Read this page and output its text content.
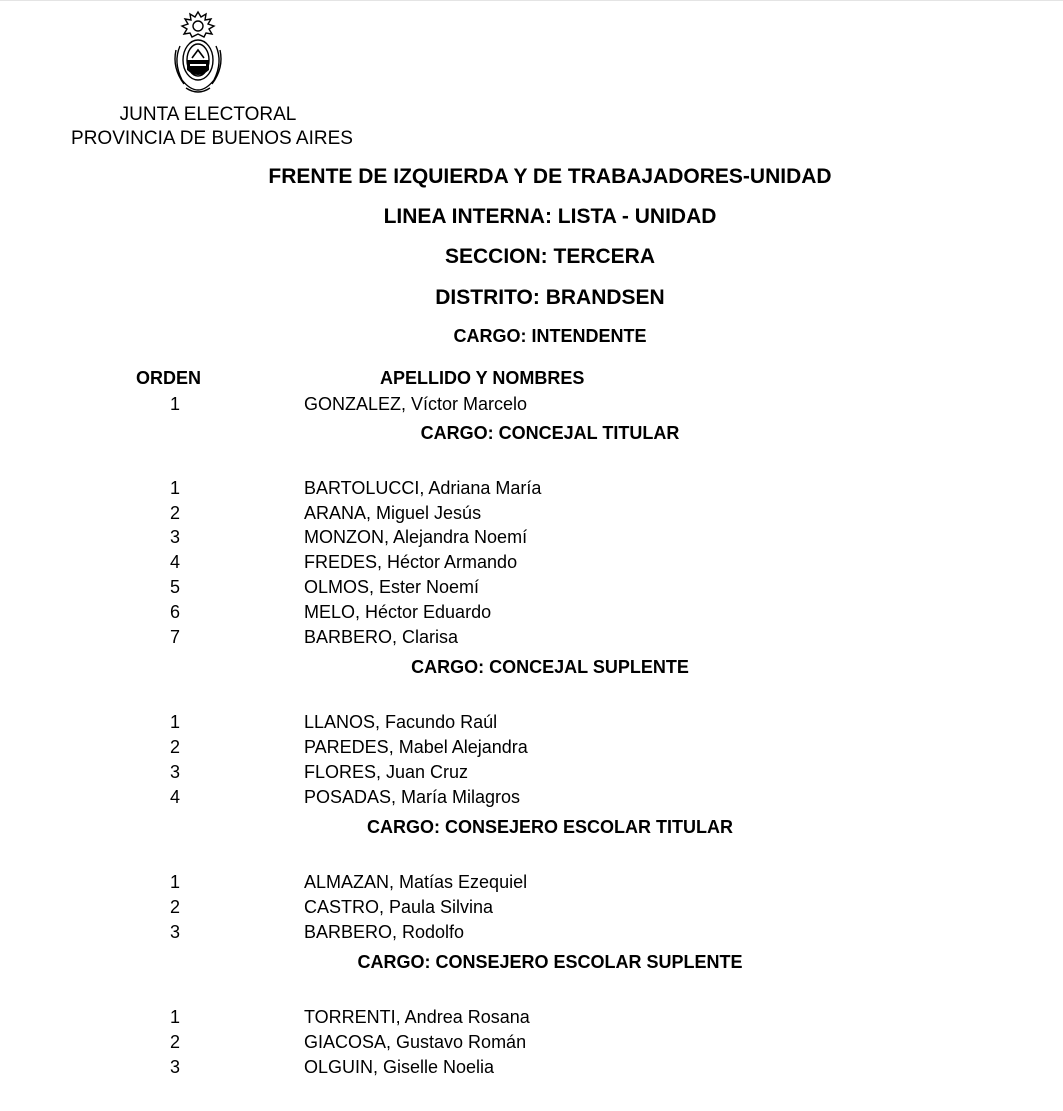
JUNTA ELECTORAL
PROVINCIA DE BUENOS AIRES
FRENTE DE IZQUIERDA Y DE TRABAJADORES-UNIDAD
LINEA INTERNA: LISTA - UNIDAD
SECCION: TERCERA
DISTRITO: BRANDSEN
CARGO: INTENDENTE
ORDEN	APELLIDO Y NOMBRES
1	GONZALEZ, Víctor Marcelo
CARGO: CONCEJAL TITULAR
1	BARTOLUCCI, Adriana María
2	ARANA, Miguel Jesús
3	MONZON, Alejandra Noemí
4	FREDES, Héctor Armando
5	OLMOS, Ester Noemí
6	MELO, Héctor Eduardo
7	BARBERO, Clarisa
CARGO: CONCEJAL SUPLENTE
1	LLANOS, Facundo Raúl
2	PAREDES, Mabel Alejandra
3	FLORES, Juan Cruz
4	POSADAS, María Milagros
CARGO: CONSEJERO ESCOLAR TITULAR
1	ALMAZAN, Matías Ezequiel
2	CASTRO, Paula Silvina
3	BARBERO, Rodolfo
CARGO: CONSEJERO ESCOLAR SUPLENTE
1	TORRENTI, Andrea Rosana
2	GIACOSA, Gustavo Román
3	OLGUIN, Giselle Noelia
